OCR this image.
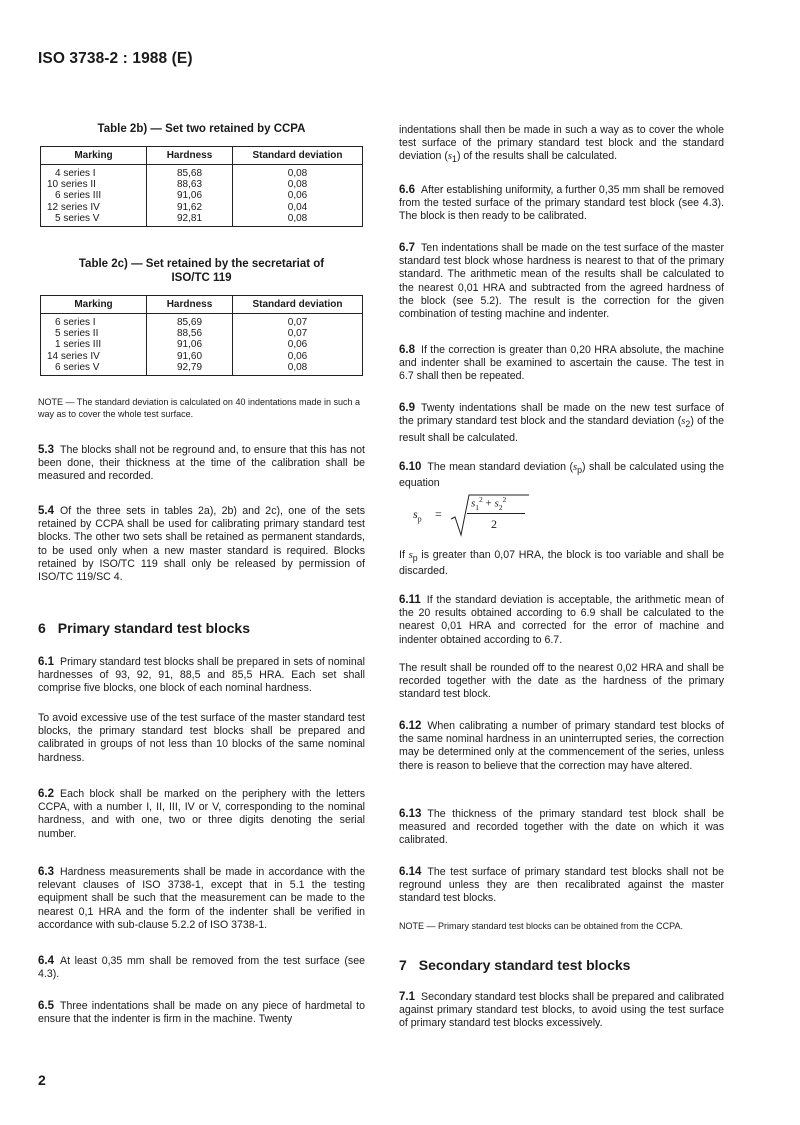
ISO 3738-2 : 1988 (E)
Table 2b) — Set two retained by CCPA
Marking	Hardness	Standard deviation
4 series I	85,68	0,08
10 series II	88,63	0,08
6 series III	91,06	0,06
12 series IV	91,62	0,04
5 series V	92,81	0,08
Table 2c) — Set retained by the secretariat of
ISO/TC 119
Marking	Hardness	Standard deviation
6 series I	85,69	0,07
5 series II	88,56	0,07
1 series III	91,06	0,06
14 series IV	91,60	0,06
6 series V	92,79	0,08
NOTE — The standard deviation is calculated on 40 indentations made in such a way as to cover the whole test surface.
5.3 The blocks shall not be reground and, to ensure that this has not been done, their thickness at the time of the calibration shall be measured and recorded.
5.4 Of the three sets in tables 2a), 2b) and 2c), one of the sets retained by CCPA shall be used for calibrating primary standard test blocks. The other two sets shall be retained as permanent standards, to be used only when a new master standard is required. Blocks retained by ISO/TC 119 shall only be released by permission of ISO/TC 119/SC 4.
6 Primary standard test blocks
6.1 Primary standard test blocks shall be prepared in sets of nominal hardnesses of 93, 92, 91, 88,5 and 85,5 HRA. Each set shall comprise five blocks, one block of each nominal hardness.
To avoid excessive use of the test surface of the master standard test blocks, the primary standard test blocks shall be prepared and calibrated in groups of not less than 10 blocks of the same nominal hardness.
6.2 Each block shall be marked on the periphery with the letters CCPA, with a number I, II, III, IV or V, corresponding to the nominal hardness, and with one, two or three digits denoting the serial number.
6.3 Hardness measurements shall be made in accordance with the relevant clauses of ISO 3738-1, except that in 5.1 the testing equipment shall be such that the measurement can be made to the nearest 0,1 HRA and the form of the indenter shall be verified in accordance with sub-clause 5.2.2 of ISO 3738-1.
6.4 At least 0,35 mm shall be removed from the test surface (see 4.3).
6.5 Three indentations shall be made on any piece of hardmetal to ensure that the indenter is firm in the machine. Twenty
2
indentations shall then be made in such a way as to cover the whole test surface of the primary standard test block and the standard deviation $(s_1)$ of the results shall be calculated.
6.6 After establishing uniformity, a further 0,35 mm shall be removed from the tested surface of the primary standard test block (see 4.3). The block is then ready to be calibrated.
6.7 Ten indentations shall be made on the test surface of the master standard test block whose hardness is nearest to that of the primary standard. The arithmetic mean of the results shall be calculated to the nearest 0,01 HRA and subtracted from the agreed hardness of the block (see 5.2). The result is the correction for the given combination of testing machine and indenter.
6.8 If the correction is greater than 0,20 HRA absolute, the machine and indenter shall be examined to ascertain the cause. The test in 6.7 shall then be repeated.
6.9 Twenty indentations shall be made on the new test surface of the primary standard test block and the standard deviation $(s_2)$ of the result shall be calculated.
6.10 The mean standard deviation $(s_p)$ shall be calculated using the equation
$s_p$ =
$s_1^2 + s_2^2$
2
If $s_p$ is greater than 0,07 HRA, the block is too variable and shall be discarded.
6.11 If the standard deviation is acceptable, the arithmetic mean of the 20 results obtained according to 6.9 shall be calculated to the nearest 0,01 HRA and corrected for the error of machine and indenter obtained according to 6.7.
The result shall be rounded off to the nearest 0,02 HRA and shall be recorded together with the date as the hardness of the primary standard test block.
6.12 When calibrating a number of primary standard test blocks of the same nominal hardness in an uninterrupted series, the correction may be determined only at the commencement of the series, unless there is reason to believe that the correction may have altered.
6.13 The thickness of the primary standard test block shall be measured and recorded together with the date on which it was calibrated.
6.14 The test surface of primary standard test blocks shall not be reground unless they are then recalibrated against the master standard test blocks.
NOTE — Primary standard test blocks can be obtained from the CCPA.
7 Secondary standard test blocks
7.1 Secondary standard test blocks shall be prepared and calibrated against primary standard test blocks, to avoid using the test surface of primary standard test blocks excessively.
